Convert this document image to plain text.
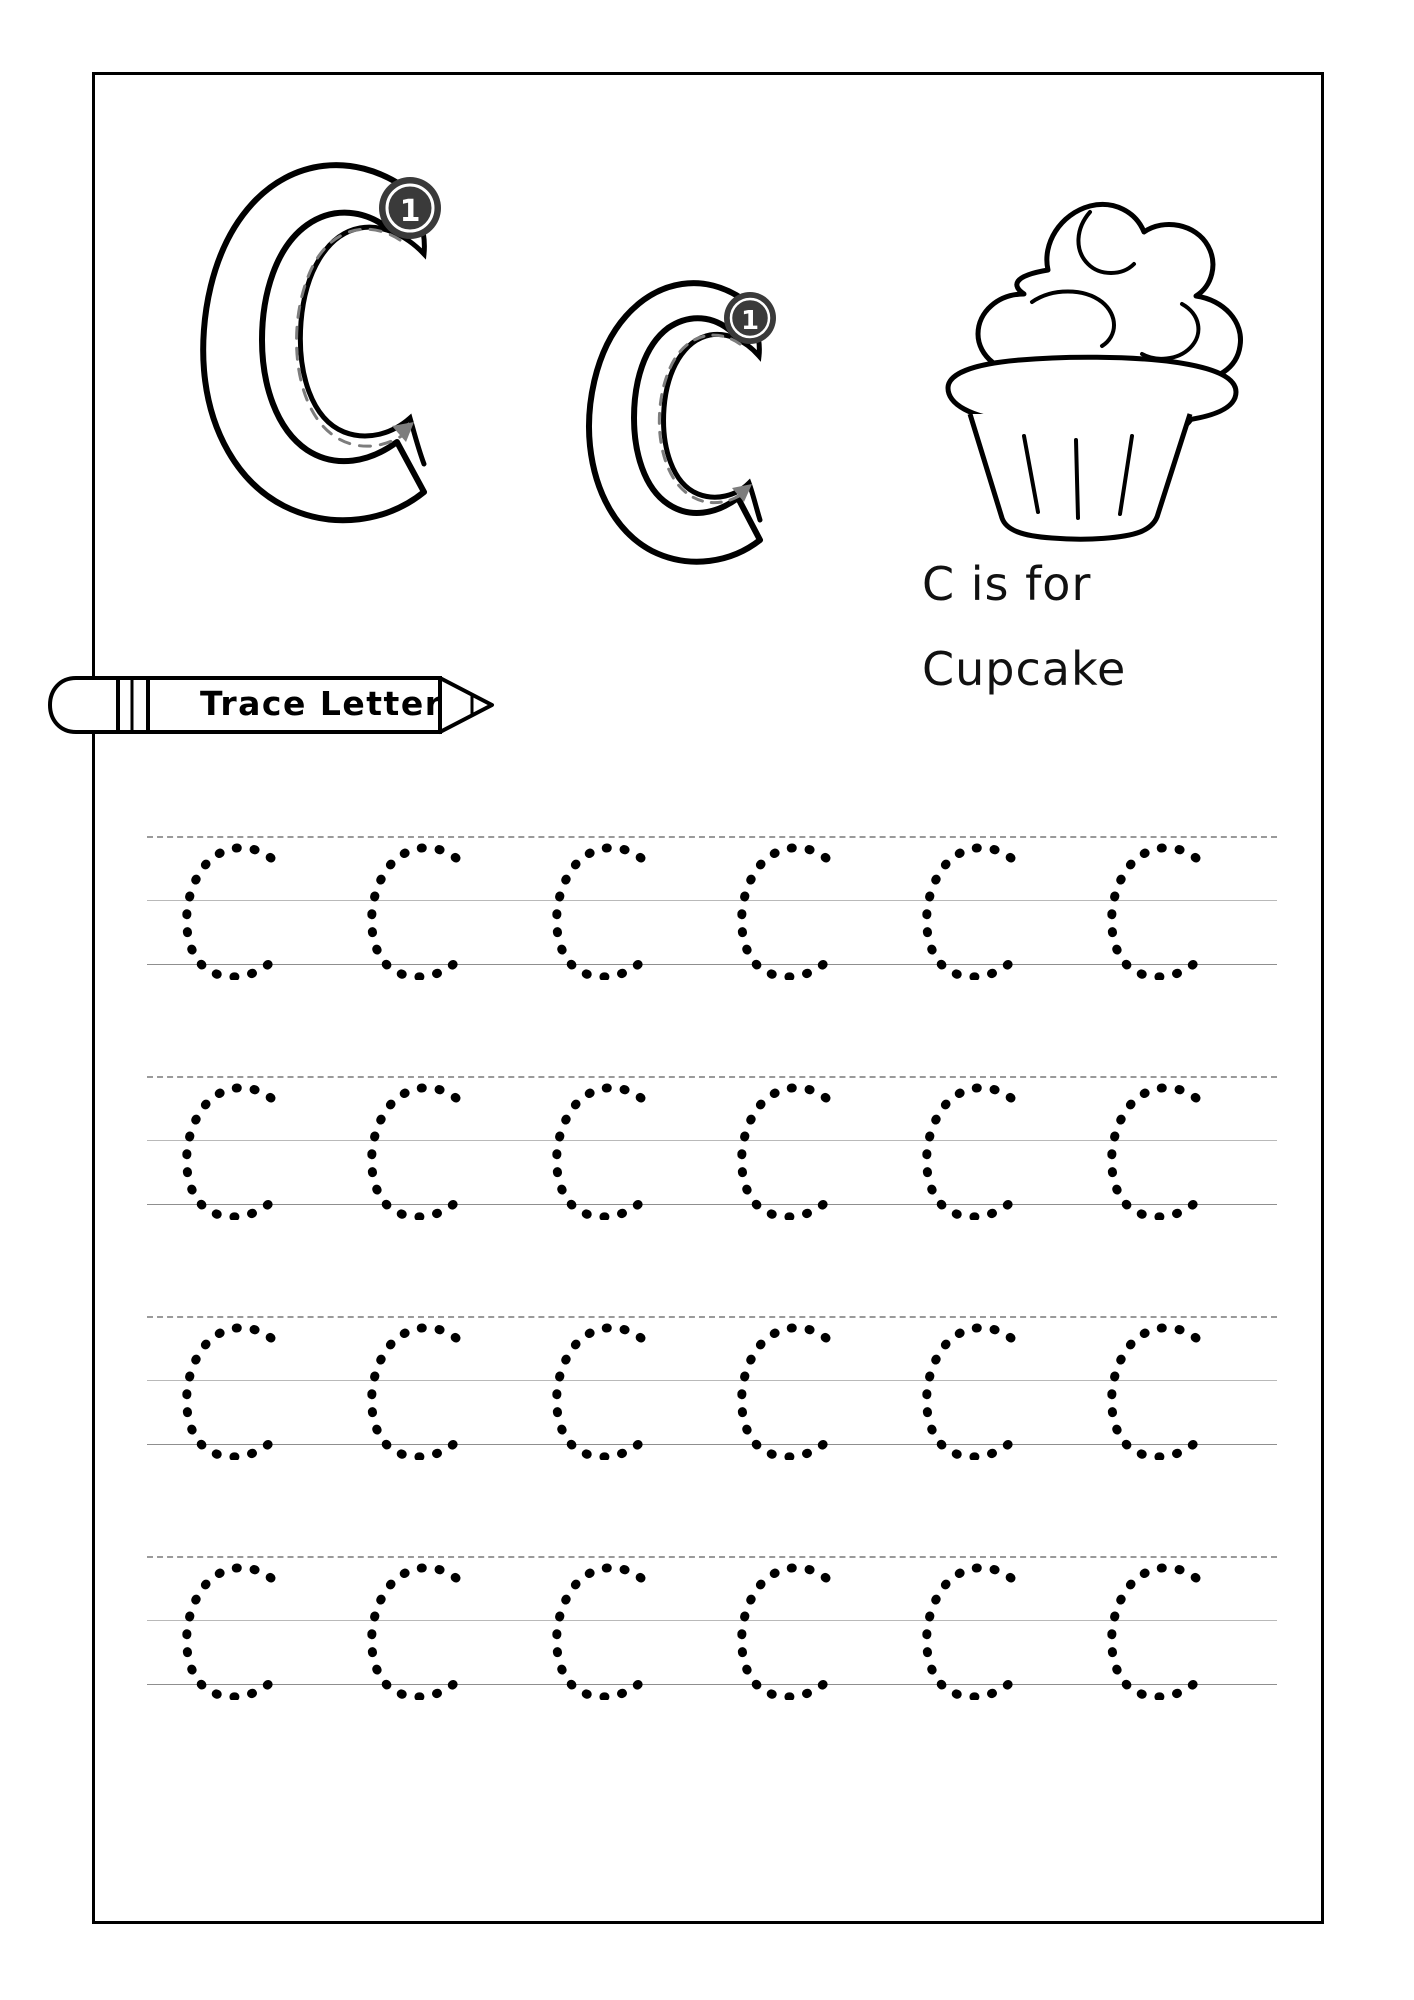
1
1
C is for
Cupcake
Trace Letter
